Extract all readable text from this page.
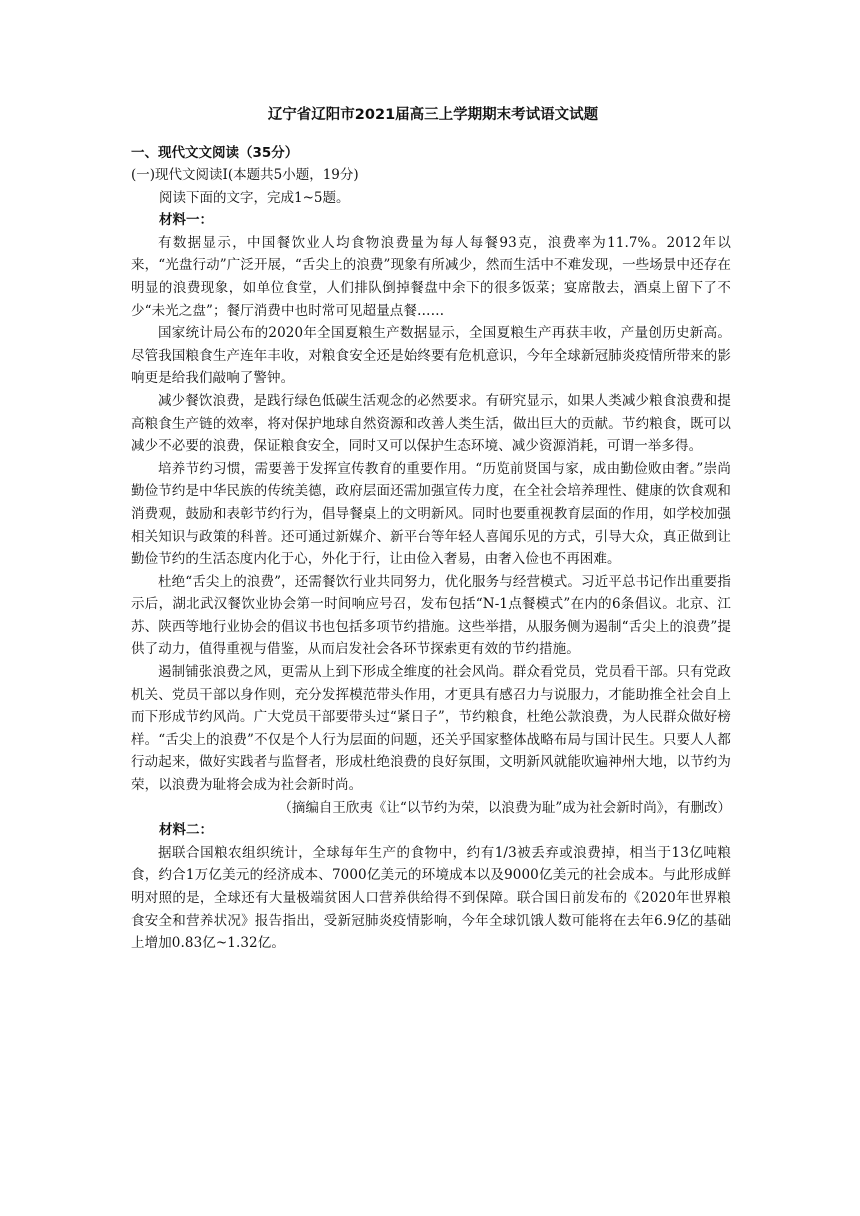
辽宁省辽阳市2021届高三上学期期末考试语文试题
一、现代文文阅读（35分）
(一)现代文阅读Ⅰ(本题共5小题，19分)
阅读下面的文字，完成1~5题。
材料一：
有数据显示，中国餐饮业人均食物浪费量为每人每餐93克，浪费率为11.7%。2012年以来，“光盘行动”广泛开展，“舌尖上的浪费”现象有所减少，然而生活中不难发现，一些场景中还存在明显的浪费现象，如单位食堂，人们排队倒掉餐盘中余下的很多饭菜；宴席散去，酒桌上留下了不少“未光之盘”；餐厅消费中也时常可见超量点餐……
国家统计局公布的2020年全国夏粮生产数据显示，全国夏粮生产再获丰收，产量创历史新高。尽管我国粮食生产连年丰收，对粮食安全还是始终要有危机意识，今年全球新冠肺炎疫情所带来的影响更是给我们敲响了警钟。
减少餐饮浪费，是践行绿色低碳生活观念的必然要求。有研究显示，如果人类减少粮食浪费和提高粮食生产链的效率，将对保护地球自然资源和改善人类生活，做出巨大的贡献。节约粮食，既可以减少不必要的浪费，保证粮食安全，同时又可以保护生态环境、减少资源消耗，可谓一举多得。
培养节约习惯，需要善于发挥宣传教育的重要作用。“历览前贤国与家，成由勤俭败由奢。”崇尚勤俭节约是中华民族的传统美德，政府层面还需加强宣传力度，在全社会培养理性、健康的饮食观和消费观，鼓励和表彰节约行为，倡导餐桌上的文明新风。同时也要重视教育层面的作用，如学校加强相关知识与政策的科普。还可通过新媒介、新平台等年轻人喜闻乐见的方式，引导大众，真正做到让勤俭节约的生活态度内化于心，外化于行，让由俭入奢易，由奢入俭也不再困难。
杜绝“舌尖上的浪费”，还需餐饮行业共同努力，优化服务与经营模式。习近平总书记作出重要指示后，湖北武汉餐饮业协会第一时间响应号召，发布包括“N-1点餐模式”在内的6条倡议。北京、江苏、陕西等地行业协会的倡议书也包括多项节约措施。这些举措，从服务侧为遏制“舌尖上的浪费”提供了动力，值得重视与借鉴，从而启发社会各环节探索更有效的节约措施。
遏制铺张浪费之风，更需从上到下形成全维度的社会风尚。群众看党员，党员看干部。只有党政机关、党员干部以身作则，充分发挥模范带头作用，才更具有感召力与说服力，才能助推全社会自上而下形成节约风尚。广大党员干部要带头过“紧日子”，节约粮食，杜绝公款浪费，为人民群众做好榜样。“舌尖上的浪费”不仅是个人行为层面的问题，还关乎国家整体战略布局与国计民生。只要人人都行动起来，做好实践者与监督者，形成杜绝浪费的良好氛围，文明新风就能吹遍神州大地，以节约为荣，以浪费为耻将会成为社会新时尚。
（摘编自王欣夷《让“以节约为荣，以浪费为耻”成为社会新时尚》，有删改）
材料二：
据联合国粮农组织统计，全球每年生产的食物中，约有1/3被丢弃或浪费掉，相当于13亿吨粮食，约合1万亿美元的经济成本、7000亿美元的环境成本以及9000亿美元的社会成本。与此形成鲜明对照的是，全球还有大量极端贫困人口营养供给得不到保障。联合国日前发布的《2020年世界粮食安全和营养状况》报告指出，受新冠肺炎疫情影响，今年全球饥饿人数可能将在去年6.9亿的基础上增加0.83亿~1.32亿。
